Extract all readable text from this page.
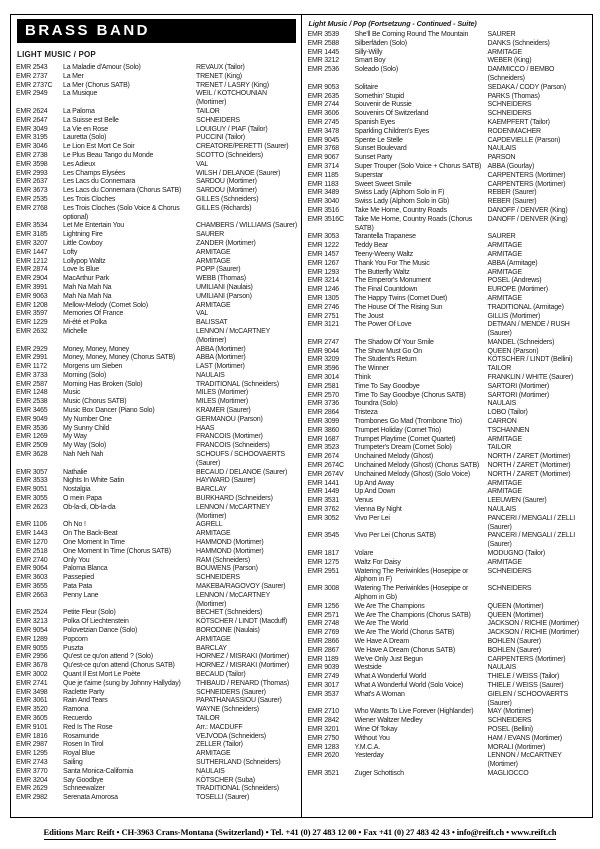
BRASS BAND
LIGHT MUSIC / POP
EMR 2543	La Maladie d'Amour (Solo)	REVAUX (Tailor)
EMR 2737	La Mer	TRENET (King)
EMR 2737C	La Mer (Chorus SATB)	TRENET / LASRY (King)
EMR 2949	La Musique	WEIL / KOTCHOUNIAN (Mortimer)
EMR 2624	La Paloma	TAILOR
EMR 2647	La Suisse est Belle	SCHNEIDERS
EMR 3049	La Vie en Rose	LOUIGUY / PIAF (Tailor)
EMR 3195	Lauretta (Solo)	PUCCINI (Tailor)
EMR 3046	Le Lion Est Mort Ce Soir	CREATORE/PERETTI (Saurer)
EMR 2738	Le Plus Beau Tango du Monde	SCOTTO (Schneiders)
EMR 3598	Les Adieux	VAL
EMR 2993	Les Champs Elysées	WILSH / DELANOE (Saurer)
EMR 2637	Les Lacs du Connemara	SARDOU (Mortimer)
EMR 3673	Les Lacs du Connemara (Chorus SATB)	SARDOU (Mortimer)
EMR 2535	Les Trois Cloches	GILLES (Schneiders)
EMR 2768	Les Trois Cloches (Solo Voice & Chorus optional)
GILLES (Richards)
EMR 3534	Let Me Entertain You	CHAMBERS / WILLIAMS (Saurer)
EMR 3185	Lightning Fire	SAURER
EMR 3207	Little Cowboy	ZANDER (Mortimer)
EMR 1447	Lofty	ARMITAGE
EMR 1212	Lollypop Waltz	ARMITAGE
EMR 2874	Love Is Blue	POPP (Saurer)
EMR 2904	MacArthur Park	WEBB (Thomas)
EMR 3991	Mah Na Mah Na	UMILIANI (Naulais)
EMR 9063	Mah Na Mah Na	UMILIANI (Parson)
EMR 1208	Mellow-Melody (Cornet Solo)	ARMITAGE
EMR 3597	Memories Of France	VAL
EMR 1229	Mi-été et Polka	BALISSAT
EMR 2632	Michelle	LENNON / McCARTNEY (Mortimer)
EMR 2929	Money, Money, Money	ABBA (Mortimer)
EMR 2991	Money, Money, Money (Chorus SATB)	ABBA (Mortimer)
EMR 1172	Morgens um Sieben	LAST (Mortimer)
EMR 3733	Morning (Solo)	NAULAIS
EMR 2587	Morning Has Broken (Solo)	TRADITIONAL (Schneiders)
EMR 1248	Music	MILES (Mortimer)
EMR 2538	Music (Chorus SATB)	MILES (Mortimer)
EMR 3465	Music Box Dancer (Piano Solo)	KRAMER (Saurer)
EMR 9049	My Number One	GERMANOU (Parson)
EMR 3536	My Sunny Child	HAAS
EMR 1269	My Way	FRANCOIS (Mortimer)
EMR 2509	My Way (Solo)	FRANCOIS (Schneiders)
EMR 3628	Nah Neh Nah	SCHOUFS / SCHOOVAERTS (Saurer)
EMR 3057	Nathalie	BECAUD / DELANOE (Saurer)
EMR 3533	Nights In White Satin	HAYWARD (Saurer)
EMR 9051	Nostalgia	BARCLAY
EMR 3055	O mein Papa	BURKHARD (Schneiders)
EMR 2623	Ob-la-di, Ob-la-da	LENNON / McCARTNEY (Mortimer)
EMR 1106	Oh No !	AGRELL
EMR 1443	On The Back-Beat	ARMITAGE
EMR 1270	One Moment In Time	HAMMOND (Mortimer)
EMR 2518	One Moment In Time (Chorus SATB)	HAMMOND (Mortimer)
EMR 2740	Only You	RAM (Schneiders)
EMR 9064	Paloma Blanca	BOUWENS (Parson)
EMR 3603	Passepied	SCHNEIDERS
EMR 3655	Pata Pata	MAKEBA/RAGOVOY (Saurer)
EMR 2663	Penny Lane	LENNON / McCARTNEY (Mortimer)
EMR 2524	Petite Fleur (Solo)	BECHET (Schneiders)
EMR 3213	Polka Of Liechtenstein	KÖTSCHER / LINDT (Macduff)
EMR 9054	Polovetzian Dance (Solo)	BORODINE (Naulais)
EMR 1289	Popcorn	ARMITAGE
EMR 9055	Puszta	BARCLAY
EMR 2956	Qu'est ce qu'on attend ? (Solo)	HORNEZ / MISRAKI (Mortimer)
EMR 3678	Qu'est-ce qu'on attend (Chorus SATB)	HORNEZ / MISRAKI (Mortimer)
EMR 3002	Quant Il Est Mort Le Poète	BECAUD (Tailor)
EMR 2741	Que je t'aime (sung by Johnny Hallyday)	THIBAUD / RENARD (Thomas)
EMR 3498	Raclette Party	SCHNEIDERS (Saurer)
EMR 3061	Rain And Tears	PAPATHANASSIOU (Saurer)
EMR 3520	Ramona	WAYNE (Schneiders)
EMR 3605	Recuerdo	TAILOR
EMR 9101	Red Is The Rose	Arr.: MACDUFF
EMR 1816	Rosamunde	VEJVODA (Schneiders)
EMR 2987	Rosen In Tirol	ZELLER (Tailor)
EMR 1295	Royal Blue	ARMITAGE
EMR 2743	Sailing	SUTHERLAND (Schneiders)
EMR 3770	Santa Monica-California	NAULAIS
EMR 3204	Say Goodbye	KÖTSCHER (Suba)
EMR 2629	Schneewalzer	TRADITIONAL (Schneiders)
EMR 2982	Serenata Amorosa	TOSELLI (Saurer)
Light Music / Pop (Fortsetzung - Continued - Suite)
EMR 3539	She'll Be Coming Round The Mountain	SAURER
EMR 2588	Silberfäden (Solo)	DANKS (Schneiders)
EMR 1445	Silly-Willy	ARMITAGE
EMR 3212	Smart Boy	WEBER (King)
EMR 2536	Soleado (Solo)	DAMMICCO / BEMBO (Schneiders)
EMR 9053	Solitaire	SEDAKA / CODY (Parson)
EMR 2635	Somethin' Stupid	PARKS (Thomas)
EMR 2744	Souvenir de Russie	SCHNEIDERS
EMR 3606	Souvenirs Of Switzerland	SCHNEIDERS
EMR 2745	Spanish Eyes	KAEMPFERT (Tailor)
EMR 3478	Sparkling Children's Eyes	RODENMACHER
EMR 9045	Spente Le Stelle	CAPDEVIELLE (Parson)
EMR 3768	Sunset Boulevard	NAULAIS
EMR 9067	Sunset Party	PARSON
EMR 3714	Super Trouper (Solo Voice + Chorus SATB) ABBA (Gourlay)
EMR 1185	Superstar	CARPENTERS (Mortimer)
EMR 1183	Sweet Sweet Smile	CARPENTERS (Mortimer)
EMR 3489	Swiss Lady (Alphorn Solo in F)	REBER (Saurer)
EMR 3040	Swiss Lady (Alphorn Solo in Gb)	REBER (Saurer)
EMR 3516	Take Me Home, Country Roads	DANOFF / DENVER (King)
EMR 3516C	Take Me Home, Country Roads (Chorus SATB)
DANOFF / DENVER (King)
EMR 3053	Tarantella Trapanese	SAURER
EMR 1222	Teddy Bear	ARMITAGE
EMR 1457	Teeny-Weeny Waltz	ARMITAGE
EMR 1267	Thank You For The Music	ABBA (Armitage)
EMR 1293	The Butterfly Waltz	ARMITAGE
EMR 3214	The Emperor's Monument	POSEL (Andrews)
EMR 1246	The Final Countdown	EUROPE (Mortimer)
EMR 1305	The Happy Twins (Cornet Duet)	ARMITAGE
EMR 2746	The House Of The Rising Sun	TRADITIONAL (Armitage)
EMR 2751	The Joust	GILLIS (Mortimer)
EMR 3121	The Power Of Love	DETMAN / MENDE / RUSH (Saurer)
EMR 2747	The Shadow Of Your Smile	MANDEL (Schneiders)
EMR 9044	The Show Must Go On	QUEEN (Parson)
EMR 3209	The Student's Return	KÖTSCHER / LINDT (Bellini)
EMR 3596	The Winner	TAILOR
EMR 3014	Think	FRANKLIN / WHITE (Saurer)
EMR 2581	Time To Say Goodbye	SARTORI (Mortimer)
EMR 2570	Time To Say Goodbye (Chorus SATB)	SARTORI (Mortimer)
EMR 3736	Toundra (Solo)	NAULAIS
EMR 2864	Tristeza	LOBO (Tailor)
EMR 3099	Trombones Go Mad (Trombone Trio)	CARRON
EMR 3860	Trumpet Holiday (Cornet Trio)	TSCHANNEN
EMR 1687	Trumpet Playtime (Cornet Quartet)	ARMITAGE
EMR 3523	Trumpeter's Dream (Cornet Solo)	TAILOR
EMR 2674	Unchained Melody (Ghost)	NORTH / ZARET (Mortimer)
EMR 2674C	Unchained Melody (Ghost) (Chorus SATB)	NORTH / ZARET (Mortimer)
EMR 2674V	Unchained Melody (Ghost) (Solo Voice)	NORTH / ZARET (Mortimer)
EMR 1441	Up And Away	ARMITAGE
EMR 1449	Up And Down	ARMITAGE
EMR 3531	Venus	LEEUWEN (Saurer)
EMR 3762	Vienna By Night	NAULAIS
EMR 3052	Vivo Per Lei	PANCERI / MENGALI / ZELLI (Saurer)
EMR 3545	Vivo Per Lei (Chorus SATB)	PANCERI / MENGALI / ZELLI (Saurer)
EMR 1817	Volare	MODUGNO (Tailor)
EMR 1275	Waltz For Daisy	ARMITAGE
EMR 2951	Watering The Periwinkles (Hosepipe or Alphorn in F)
SCHNEIDERS
EMR 3008	Watering The Periwinkles (Hosepipe or Alphorn in Gb)
SCHNEIDERS
EMR 1256	We Are The Champions	QUEEN (Mortimer)
EMR 2571	We Are The Champions (Chorus SATB)	QUEEN (Mortimer)
EMR 2748	We Are The World	JACKSON / RICHIE (Mortimer)
EMR 2769	We Are The World (Chorus SATB)	JACKSON / RICHIE (Mortimer)
EMR 2866	We Have A Dream	BOHLEN (Saurer)
EMR 2867	We Have A Dream (Chorus SATB)	BOHLEN (Saurer)
EMR 1189	We've Only Just Begun	CARPENTERS (Mortimer)
EMR 9039	Westside	NAULAIS
EMR 2749	What A Wonderful World	THIELE / WEISS (Tailor)
EMR 3017	What A Wonderful World (Solo Voice)	THIELE / WEISS (Saurer)
EMR 3537	What's A Woman	GIELEN / SCHOOVAERTS (Saurer)
EMR 2710	Who Wants To Live Forever (Highlander)	MAY (Mortimer)
EMR 2842	Wiener Waltzer Medley	SCHNEIDERS
EMR 3201	Wine Of Tokay	POSEL (Bellini)
EMR 2750	Without You	HAM / EVANS (Mortimer)
EMR 1283	Y.M.C.A.	MORALI (Mortimer)
EMR 2620	Yesterday	LENNON / McCARTNEY (Mortimer)
EMR 3521	Zuger Schottisch	MAGLIOCCO
Editions Marc Reift • CH-3963 Crans-Montana (Switzerland) • Tel. +41 (0) 27 483 12 00 • Fax +41 (0) 27 483 42 43 • info@reift.ch • www.reift.ch
